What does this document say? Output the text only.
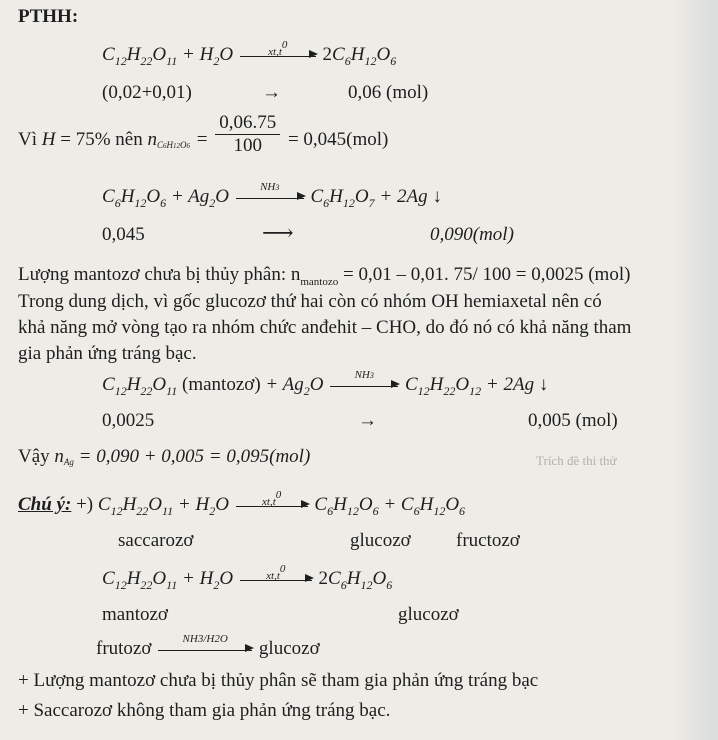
PTHH:
$C_{12}H_{22}O_{11} + H_2O$	xt,t0	$2C_6H_{12}O_6$
(0,02+0,01)	→	0,06 (mol)
Vì H = 75% nên $nC6H12O6 = \frac{0,06.75}{100} = 0,045(mol)$
$C_6H_{12}O_6 + Ag_2O$	NH3	$C_6H_{12}O_7 + 2Ag$ ↓
0,045	⟶	0,090(mol)
Lượng mantozơ chưa bị thủy phân: $n_{mantozo} = 0,01 - 0,01$. 75/ 100 = 0,0025 (mol)
Trong dung dịch, vì gốc glucozơ thứ hai còn có nhóm OH hemiaxetal nên có
khả năng mở vòng tạo ra nhóm chức anđehit – CHO, do đó nó có khả năng tham
gia phản ứng tráng bạc.
$C_{12}H_{22}O_{11}$ (mantozơ) + $Ag_2O$	NH3	$C_{12}H_{22}O_{12} + 2Ag$ ↓
0,0025	→	0,005 (mol)
Vậy nAg = 0,090 + 0,005 = 0,095(mol)	Trích đề thi thử
Chú ý: +) $C_{12}H_{22}O_{11} + H_2O$	xt,t0	$C_6H_{12}O_6 + C_6H_{12}O_6$
saccarozơ	glucozơ fructozơ
$C_{12}H_{22}O_{11} + H_2O$	xt,t0	$2C_6H_{12}O_6$
mantozơ	glucozơ
frutozơ	NH3/H2O	glucozơ
+ Lượng mantozơ chưa bị thủy phân sẽ tham gia phản ứng tráng bạc
+ Saccarozơ không tham gia phản ứng tráng bạc.
